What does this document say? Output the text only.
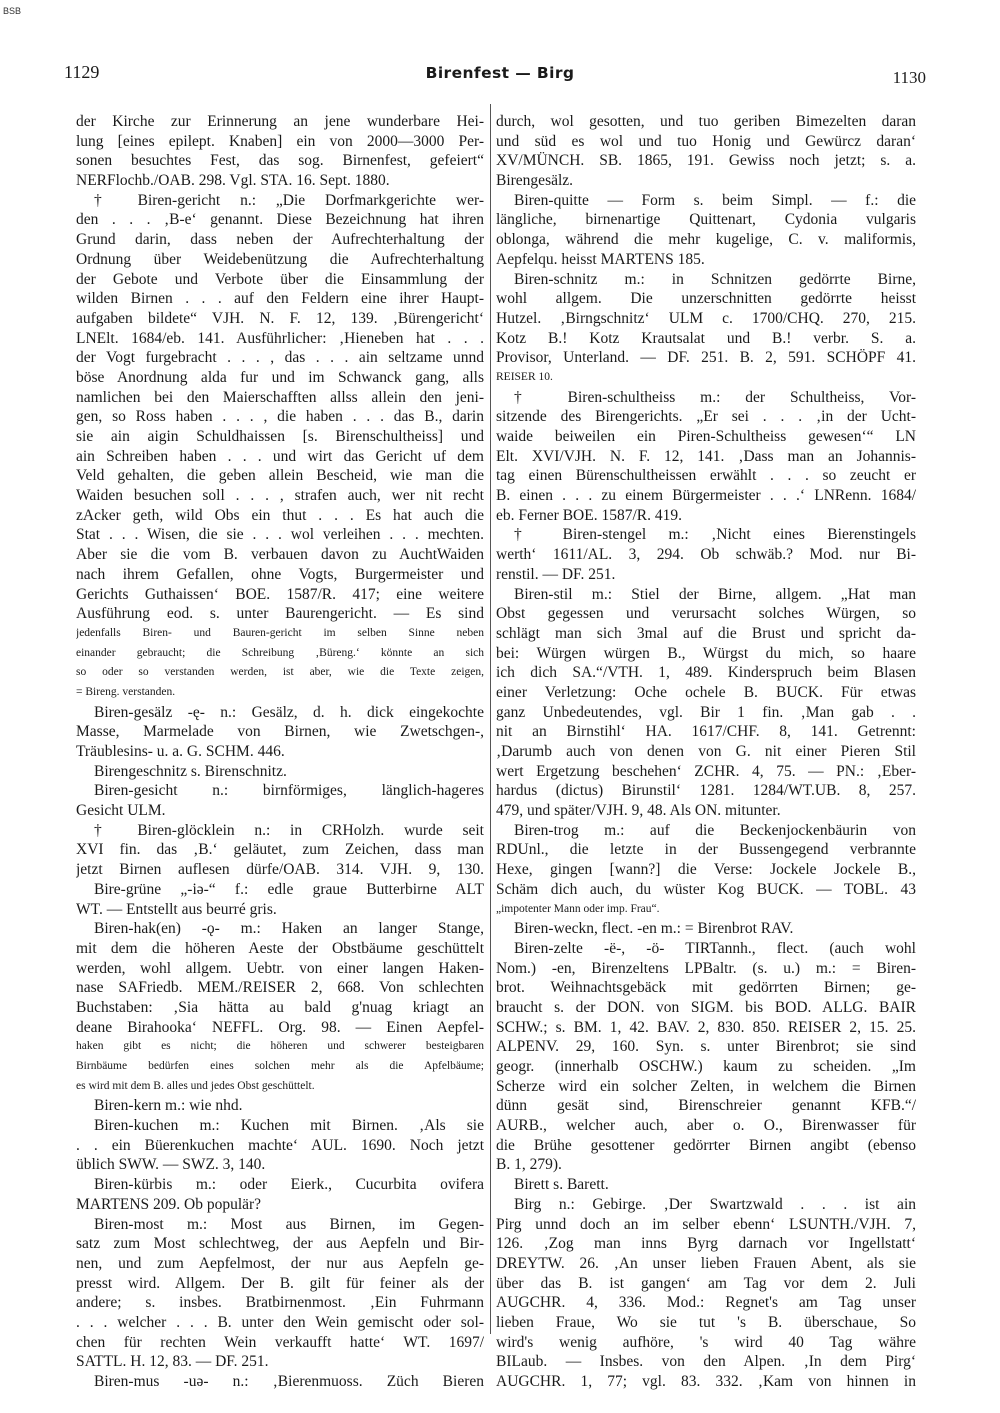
BSB
1129	Birenfest — Birg	1130
der Kirche zur Erinnerung an jene wunderbare Hei-
lung [eines epilept. Knaben] ein von 2000—3000 Per-
sonen besuchtes Fest, das sog. Birnenfest, gefeiert“
NERFlochb./OAB. 298. Vgl. STA. 16. Sept. 1880.
† Biren-gericht n.: „Die Dorfmarkgerichte wer-
den . . . ‚B-e‘ genannt. Diese Bezeichnung hat ihren
Grund darin, dass neben der Aufrechterhaltung der
Ordnung über Weidebenützung die Aufrechterhaltung
der Gebote und Verbote über die Einsammlung der
wilden Birnen . . . auf den Feldern eine ihrer Haupt-
aufgaben bildete“ VJH. N. F. 12, 139. ‚Bürengericht‘
LNElt. 1684/eb. 141. Ausführlicher: ‚Hieneben hat . . .
der Vogt furgebracht . . . , das . . . ain seltzame unnd
böse Anordnung alda fur und im Schwanck gang, alls
namlichen bei den Maierschafften allss allein den jeni-
gen, so Ross haben . . . , die haben . . . das B., darin
sie ain aigin Schuldhaissen [s. Birenschultheiss] und
ain Schreiben haben . . . und wirt das Gericht uf dem
Veld gehalten, die geben allein Bescheid, wie man die
Waiden besuchen soll . . . , strafen auch, wer nit recht
zAcker geth, wild Obs ein thut . . . Es hat auch die
Stat . . . Wisen, die sie . . . wol verleihen . . . mechten.
Aber sie die vom B. verbauen davon zu AuchtWaiden
nach ihrem Gefallen, ohne Vogts, Burgermeister und
Gerichts Guthaissen‘ BOE. 1587/R. 417; eine weitere
Ausführung eod. s. unter Baurengericht. — Es sind
jedenfalls Biren- und Bauren-gericht im selben Sinne neben
einander gebraucht; die Schreibung ‚Büreng.‘ könnte an sich
so oder so verstanden werden, ist aber, wie die Texte zeigen,
= Bireng. verstanden.
Biren-gesälz -ę- n.: Gesälz, d. h. dick eingekochte
Masse, Marmelade von Birnen, wie Zwetschgen-,
Träublesins- u. a. G. SCHM. 446.
Birengeschnitz s. Birenschnitz.
Biren-gesicht n.: birnförmiges, länglich-hageres
Gesicht ULM.
† Biren-glöcklein n.: in CRHolzh. wurde seit
XVI fin. das ‚B.‘ geläutet, zum Zeichen, dass man
jetzt Birnen auflesen dürfe/OAB. 314. VJH. 9, 130.
Bire-grüne „-iə-“ f.: edle graue Butterbirne ALT
WT. — Entstellt aus beurré gris.
Biren-hak(en) -ǫ- m.: Haken an langer Stange,
mit dem die höheren Aeste der Obstbäume geschüttelt
werden, wohl allgem. Uebtr. von einer langen Haken-
nase SAFriedb. MEM./REISER 2, 668. Von schlechten
Buchstaben: ‚Sia hätta au bald g'nuag kriagt an
deane Birahooka‘ NEFFL. Org. 98. — Einen Aepfel-
haken gibt es nicht; die höheren und schwerer besteigbaren
Birnbäume bedürfen eines solchen mehr als die Apfelbäume;
es wird mit dem B. alles und jedes Obst geschüttelt.
Biren-kern m.: wie nhd.
Biren-kuchen m.: Kuchen mit Birnen. ‚Als sie
. . ein Büerenkuchen machte‘ AUL. 1690. Noch jetzt
üblich SWW. — SWZ. 3, 140.
Biren-kürbis m.: oder Eierk., Cucurbita ovifera
MARTENS 209. Ob populär?
Biren-most m.: Most aus Birnen, im Gegen-
satz zum Most schlechtweg, der aus Aepfeln und Bir-
nen, und zum Aepfelmost, der nur aus Aepfeln ge-
presst wird. Allgem. Der B. gilt für feiner als der
andere; s. insbes. Bratbirnenmost. ‚Ein Fuhrmann
. . . welcher . . . B. unter den Wein gemischt oder sol-
chen für rechten Wein verkaufft hatte‘ WT. 1697/
SATTL. H. 12, 83. — DF. 251.
Biren-mus -uə- n.: ‚Bierenmuoss. Züch Bieren
durch, wol gesotten, und tuo geriben Bimezelten daran
und süd es wol und tuo Honig und Gewürcz daran‘
XV/MÜNCH. SB. 1865, 191. Gewiss noch jetzt; s. a.
Birengesälz.
Biren-quitte — Form s. beim Simpl. — f.: die
längliche, birnenartige Quittenart, Cydonia vulgaris
oblonga, während die mehr kugelige, C. v. maliformis,
Aepfelqu. heisst MARTENS 185.
Biren-schnitz m.: in Schnitzen gedörrte Birne,
wohl allgem. Die unzerschnitten gedörrte heisst
Hutzel. ‚Birngschnitz‘ ULM c. 1700/CHQ. 270, 215.
Kotz B.! Kotz Krautsalat und B.! verbr. S. a.
Provisor, Unterland. — DF. 251. B. 2, 591. SCHÖPF 41.
REISER 10.
† Biren-schultheiss m.: der Schultheiss, Vor-
sitzende des Birengerichts. „Er sei . . . ‚in der Ucht-
waide beiweilen ein Piren-Schultheiss gewesen‘“ LN
Elt. XVI/VJH. N. F. 12, 141. ‚Dass man an Johannis-
tag einen Bürenschultheissen erwählt . . . so zeucht er
B. einen . . . zu einem Bürgermeister . . .‘ LNRenn. 1684/
eb. Ferner BOE. 1587/R. 419.
† Biren-stengel m.: ‚Nicht eines Bierenstingels
werth‘ 1611/AL. 3, 294. Ob schwäb.? Mod. nur Bi-
renstil. — DF. 251.
Biren-stil m.: Stiel der Birne, allgem. „Hat man
Obst gegessen und verursacht solches Würgen, so
schlägt man sich 3mal auf die Brust und spricht da-
bei: Würgen würgen B., Würgst du mich, so haare
ich dich SA.“/VTH. 1, 489. Kinderspruch beim Blasen
einer Verletzung: Oche ochele B. BUCK. Für etwas
ganz Unbedeutendes, vgl. Bir 1 fin. ‚Man gab . .
nit an Birnstihl‘ HA. 1617/CHF. 8, 141. Getrennt:
‚Darumb auch von denen von G. nit einer Pieren Stil
wert Ergetzung beschehen‘ ZCHR. 4, 75. — PN.: ‚Eber-
hardus (dictus) Birunstil‘ 1281. 1284/WT.UB. 8, 257.
479, und später/VJH. 9, 48. Als ON. mitunter.
Biren-trog m.: auf die Beckenjockenbäurin von
RDUnl., die letzte in der Bussengegend verbrannte
Hexe, gingen [wann?] die Verse: Jockele Jockele B.,
Schäm dich auch, du wüster Kog BUCK. — TOBL. 43
„impotenter Mann oder imp. Frau“.
Biren-weckn, flect. -en m.: = Birenbrot RAV.
Biren-zelte -ë-, -ö- TIRTannh., flect. (auch wohl
Nom.) -en, Birenzeltens LPBaltr. (s. u.) m.: = Biren-
brot. Weihnachtsgebäck mit gedörrten Birnen; ge-
braucht s. der DON. von SIGM. bis BOD. ALLG. BAIR
SCHW.; s. BM. 1, 42. BAV. 2, 830. 850. REISER 2, 15. 25.
ALPENV. 29, 160. Syn. s. unter Birenbrot; sie sind
geogr. (innerhalb OSCHW.) kaum zu scheiden. „Im
Scherze wird ein solcher Zelten, in welchem die Birnen
dünn gesät sind, Birenschreier genannt KFB.“/
AURB., welcher auch, aber o. O., Birenwasser für
die Brühe gesottener gedörrter Birnen angibt (ebenso
B. 1, 279).
Birett s. Barett.
Birg n.: Gebirge. ‚Der Swartzwald . . . ist ain
Pirg unnd doch an im selber ebenn‘ LSUNTH./VJH. 7,
126. ‚Zog man inns Byrg darnach vor Ingellstatt‘
DREYTW. 26. ‚An unser lieben Frauen Abent, als sie
über das B. ist gangen‘ am Tag vor dem 2. Juli
AUGCHR. 4, 336. Mod.: Regnet's am Tag unser
lieben Fraue, Wo sie tut 's B. überschaue, So
wird's wenig aufhöre, 's wird 40 Tag währe
BILaub. — Insbes. von den Alpen. ‚In dem Pirg‘
AUGCHR. 1, 77; vgl. 83. 332. ‚Kam von hinnen in
